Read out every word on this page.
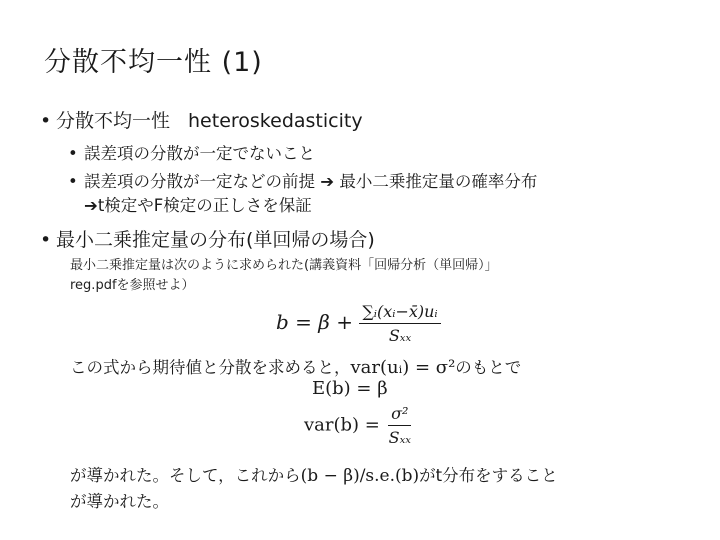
分散不均一性 (1)
• 分散不均一性 heteroskedasticity
• 誤差項の分散が一定でないこと
• 誤差項の分散が一定などの前提 ➔ 最小二乗推定量の確率分布
➔t検定やF検定の正しさを保証
• 最小二乗推定量の分布(単回帰の場合)
最小二乗推定量は次のように求められた(講義資料「回帰分析（単回帰）」
reg.pdfを参照せよ）
$b = \beta + \frac{\text{∑ᵢ(xᵢ−x̄)uᵢ}}{\text{Sₓₓ}}$
この式から期待値と分散を求めると，var(uᵢ) = σ²のもとで
E(b) = β
$var(b) = \frac{\text{σ²}}{\text{Sₓₓ}}$
が導かれた。そして，これから(b − β)/s.e.(b)がt分布をすること
が導かれた。
